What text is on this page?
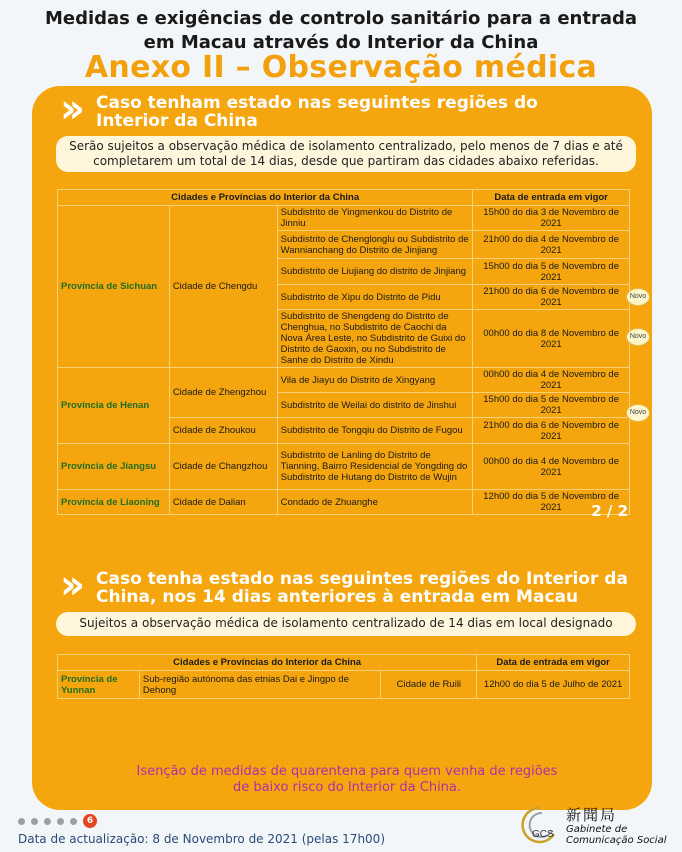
Medidas e exigências de controlo sanitário para a entrada
em Macau através do Interior da China
Anexo II – Observação médica
›› Caso tenham estado nas seguintes regiões do
Interior da China
Serão sujeitos a observação médica de isolamento centralizado, pelo menos de 7 dias e até
completarem um total de 14 dias, desde que partiram das cidades abaixo referidas.
Cidades e Províncias do Interior da China			Data de entrada em vigor
Província de Sichuan	Cidade de Chengdu	Subdistrito de Yingmenkou do Distrito de Jinniu	15h00 do dia 3 de Novembro de 2021
		Subdistrito de Chenglonglu ou Subdistrito de Wannianchang do Distrito de Jinjiang	21h00 do dia 4 de Novembro de 2021
		Subdistrito de Liujiang do distrito de Jinjiang	15h00 do dia 5 de Novembro de 2021
		Subdistrito de Xipu do Distrito de Pidu	21h00 do dia 6 de Novembro de 2021
		Subdistrito de Shengdeng do Distrito de Chenghua, no Subdistrito de Caochi da Nova Área Leste, no Subdistrito de Guixi do Distrito de Gaoxin, ou no Subdistrito de Sanhe do Distrito de Xindu	00h00 do dia 8 de Novembro de 2021
Província de Henan	Cidade de Zhengzhou	Vila de Jiayu do Distrito de Xingyang	00h00 do dia 4 de Novembro de 2021
		Subdistrito de Weilai do distrito de Jinshui	15h00 do dia 5 de Novembro de 2021
	Cidade de Zhoukou	Subdistrito de Tongqiu do Distrito de Fugou	21h00 do dia 6 de Novembro de 2021
Província de Jiangsu	Cidade de Changzhou	Subdistrito de Lanling do Distrito de Tianning, Bairro Residencial de Yongding do Subdistrito de Hutang do Distrito de Wujin	00h00 do dia 4 de Novembro de 2021
Província de Liaoning	Cidade de Dalian	Condado de Zhuanghe	12h00 do dia 5 de Novembro de 2021
Novo
Novo
Novo
2 / 2
›› Caso tenha estado nas seguintes regiões do Interior da
China, nos 14 dias anteriores à entrada em Macau
Sujeitos a observação médica de isolamento centralizado de 14 dias em local designado
Cidades e Províncias do Interior da China			Data de entrada em vigor
Província de Yunnan	Sub-região autónoma das etnias Dai e Jingpo de Dehong	Cidade de Ruili	12h00 do dia 5 de Julho de 2021
Isenção de medidas de quarentena para quem venha de regiões
de baixo risco do Interior da China.
6
Data de actualização: 8 de Novembro de 2021 (pelas 17h00)	GCS
新聞局
Gabinete de
Comunicação Social
